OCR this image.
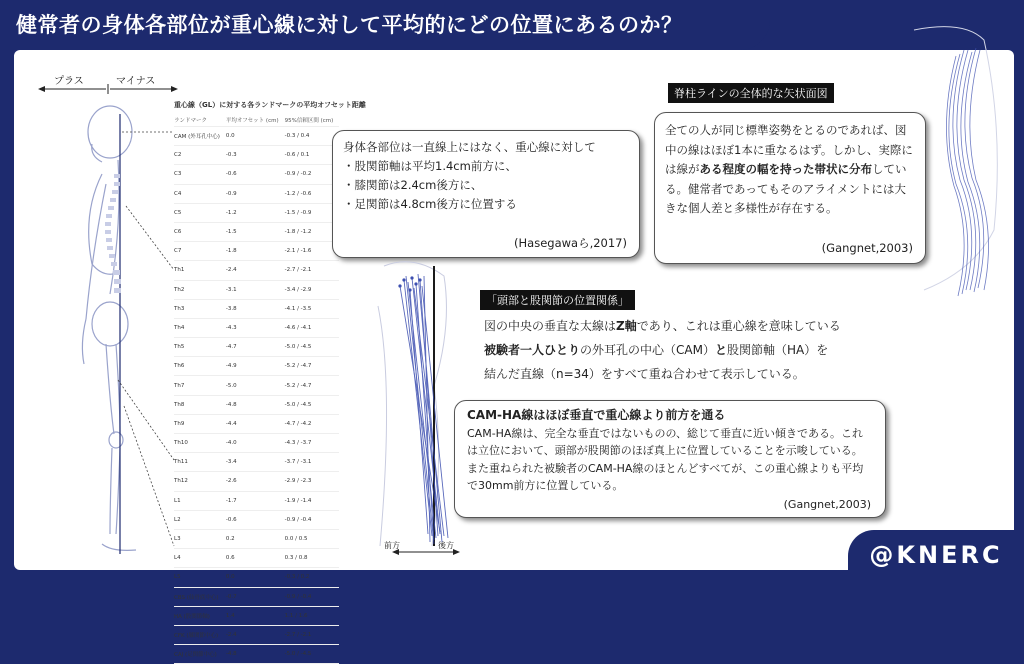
健常者の身体各部位が重心線に対して平均的にどの位置にあるのか？
プラス	マイナス
重心線（GL）に対する各ランドマークの平均オフセット距離
ランドマーク	平均オフセット (cm)	95%信頼区間 (cm)
CAM (外耳孔中心)	0.0	-0.3 / 0.4
C2	-0.3	-0.6 / 0.1
C3	-0.6	-0.9 / -0.2
C4	-0.9	-1.2 / -0.6
C5	-1.2	-1.5 / -0.9
C6	-1.5	-1.8 / -1.2
C7	-1.8	-2.1 / -1.6
Th1	-2.4	-2.7 / -2.1
Th2	-3.1	-3.4 / -2.9
Th3	-3.8	-4.1 / -3.5
Th4	-4.3	-4.6 / -4.1
Th5	-4.7	-5.0 / -4.5
Th6	-4.9	-5.2 / -4.7
Th7	-5.0	-5.2 / -4.7
Th8	-4.8	-5.0 / -4.5
Th9	-4.4	-4.7 / -4.2
Th10	-4.0	-4.3 / -3.7
Th11	-3.4	-3.7 / -3.1
Th12	-2.6	-2.9 / -2.3
L1	-1.7	-1.9 / -1.4
L2	-0.6	-0.9 / -0.4
L3	0.2	0.0 / 0.5
L4	0.6	0.3 / 0.8
L5	0.0	-0.3 / 0.2
CBS (仙骨底中心)	-0.7	-0.9 / -0.4
HA (股関節軸)	1.4	1.1 / 1.6
CFK (膝関節中心)	-2.4	-2.7 / -2.1
CAJ (足関節中心)	-4.8	-5.0 / -4.5
身体各部位は一直線上にはなく、重心線に対して
・股関節軸は平均1.4cm前方に、
・膝関節は2.4cm後方に、
・足関節は4.8cm後方に位置する
(Hasegawaら,2017)
前方	後方
脊柱ラインの全体的な矢状面図
全ての人が同じ標準姿勢をとるのであれば、図中の線はほぼ1本に重なるはず。しかし、実際には線がある程度の幅を持った帯状に分布している。健常者であってもそのアライメントには大きな個人差と多様性が存在する。
(Gangnet,2003)
「頭部と股関節の位置関係」
図の中央の垂直な太線はZ軸であり、これは重心線を意味している
被験者一人ひとりの外耳孔の中心（CAM）と股関節軸（HA）を
結んだ直線（n=34）をすべて重ね合わせて表示している。
CAM-HA線はほぼ垂直で重心線より前方を通る
CAM-HA線は、完全な垂直ではないものの、総じて垂直に近い傾きである。これは立位において、頭部が股関節のほぼ真上に位置していることを示唆している。また重ねられた被験者のCAM-HA線のほとんどすべてが、この重心線よりも平均で30mm前方に位置している。
(Gangnet,2003)
@KNERC
